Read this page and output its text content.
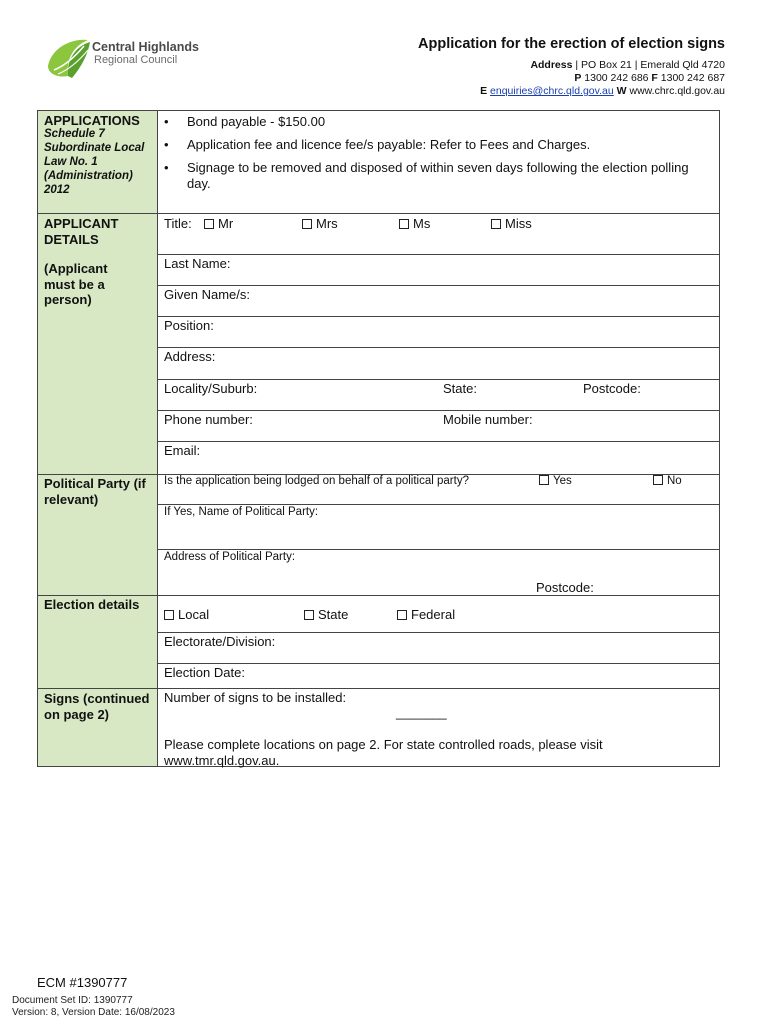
Central Highlands
Regional Council
Application for the erection of election signs
Address | PO Box 21 | Emerald Qld 4720
P 1300 242 686 F 1300 242 687
E enquiries@chrc.qld.gov.au W www.chrc.qld.gov.au
APPLICATIONS
Schedule 7 Subordinate Local Law No. 1 (Administration) 2012
• Bond payable - $150.00
• Application fee and licence fee/s payable: Refer to Fees and Charges.
• Signage to be removed and disposed of within seven days following the election polling day.
APPLICANT DETAILS
(Applicant must be a person)
Title:	Mr	Mrs	Ms	Miss
Last Name:
Given Name/s:
Position:
Address:
Locality/Suburb:	State:	Postcode:
Phone number:	Mobile number:
Email:
Political Party (if relevant)
Is the application being lodged on behalf of a political party?	Yes	No
If Yes, Name of Political Party:
Address of Political Party:
Postcode:
Election details
Local	State	Federal
Electorate/Division:
Election Date:
Signs (continued on page 2)
Number of signs to be installed:
_______
Please complete locations on page 2. For state controlled roads, please visit
www.tmr.qld.gov.au.
ECM #1390777
Document Set ID: 1390777
Version: 8, Version Date: 16/08/2023
